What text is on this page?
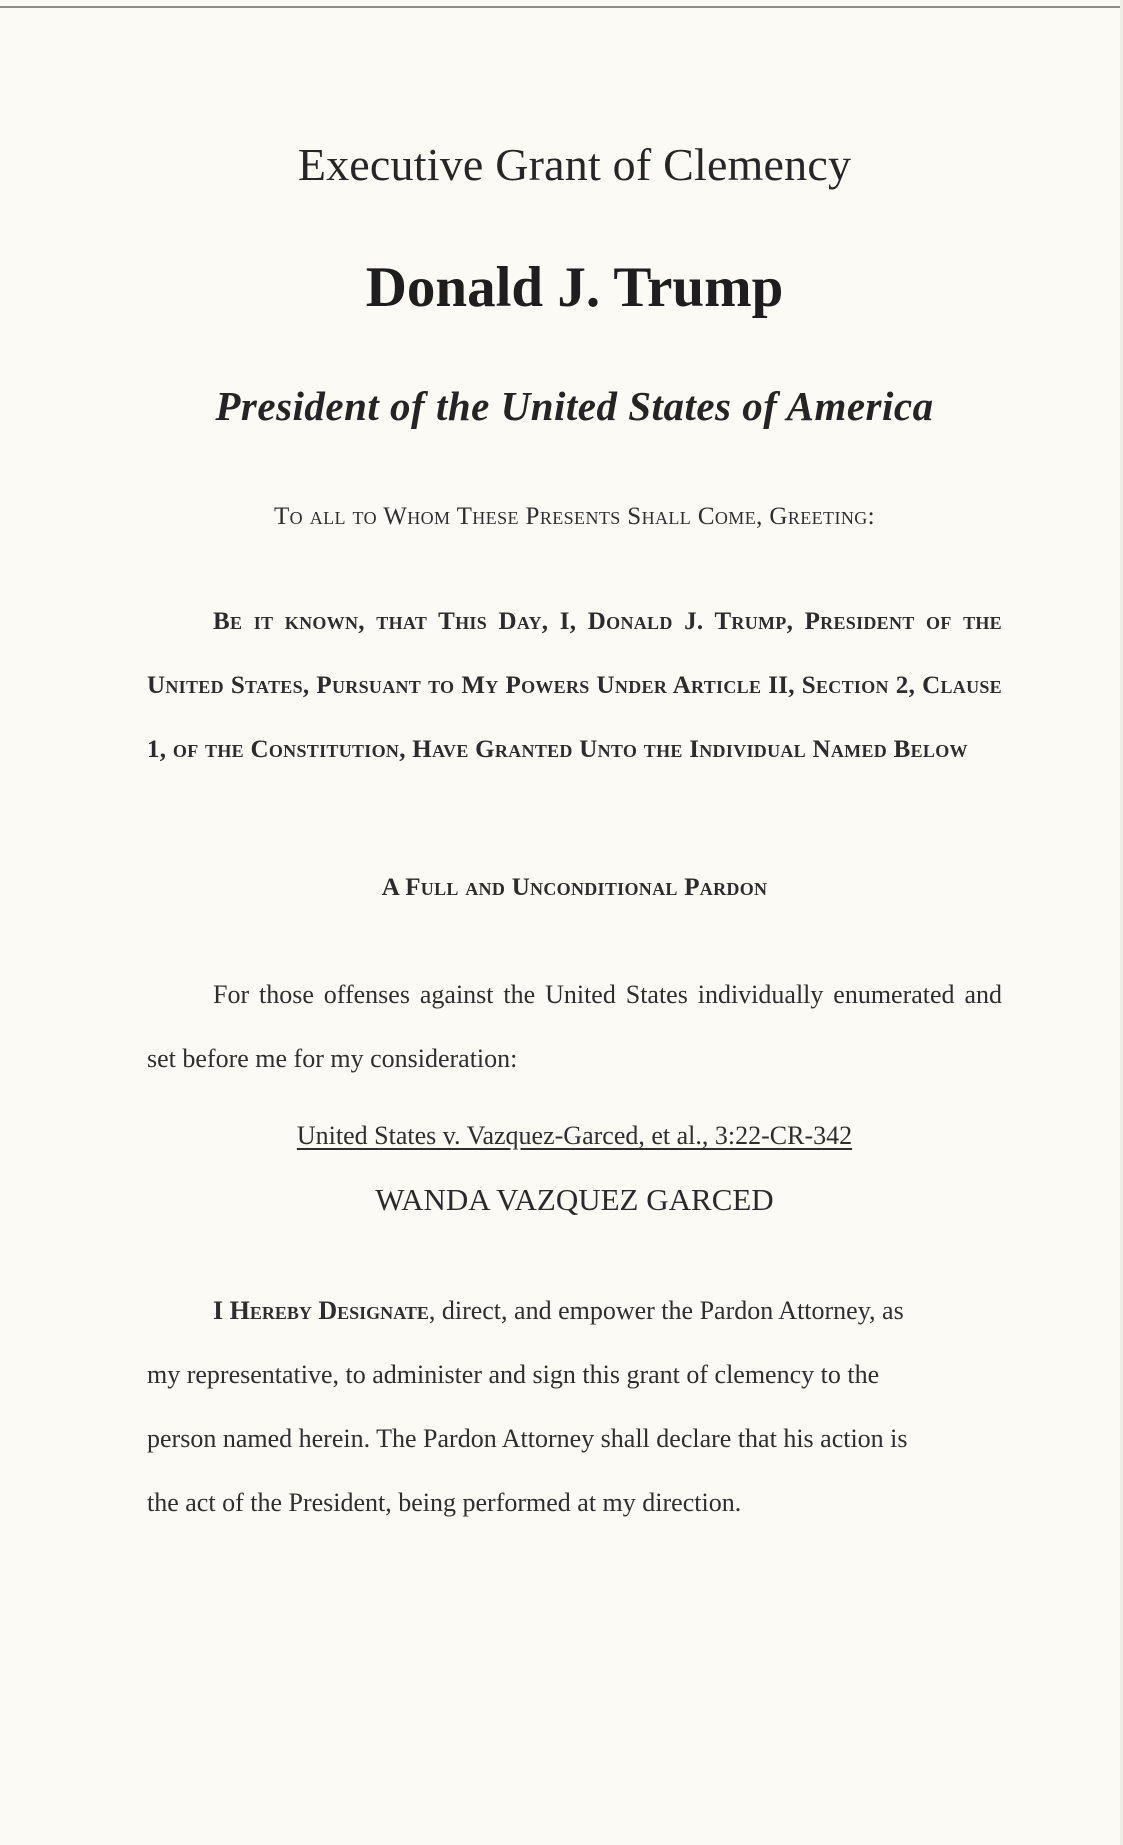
Executive Grant of Clemency
Donald J. Trump
President of the United States of America
To all to Whom These Presents Shall Come, Greeting:
Be it known, that This Day, I, Donald J. Trump, President of the United States, Pursuant to My Powers Under Article II, Section 2, Clause 1, of the Constitution, Have Granted Unto the Individual Named Below
A Full and Unconditional Pardon
For those offenses against the United States individually enumerated and set before me for my consideration:
United States v. Vazquez-Garced, et al., 3:22-CR-342
WANDA VAZQUEZ GARCED
I Hereby Designate, direct, and empower the Pardon Attorney, as my representative, to administer and sign this grant of clemency to the person named herein. The Pardon Attorney shall declare that his action is the act of the President, being performed at my direction.
